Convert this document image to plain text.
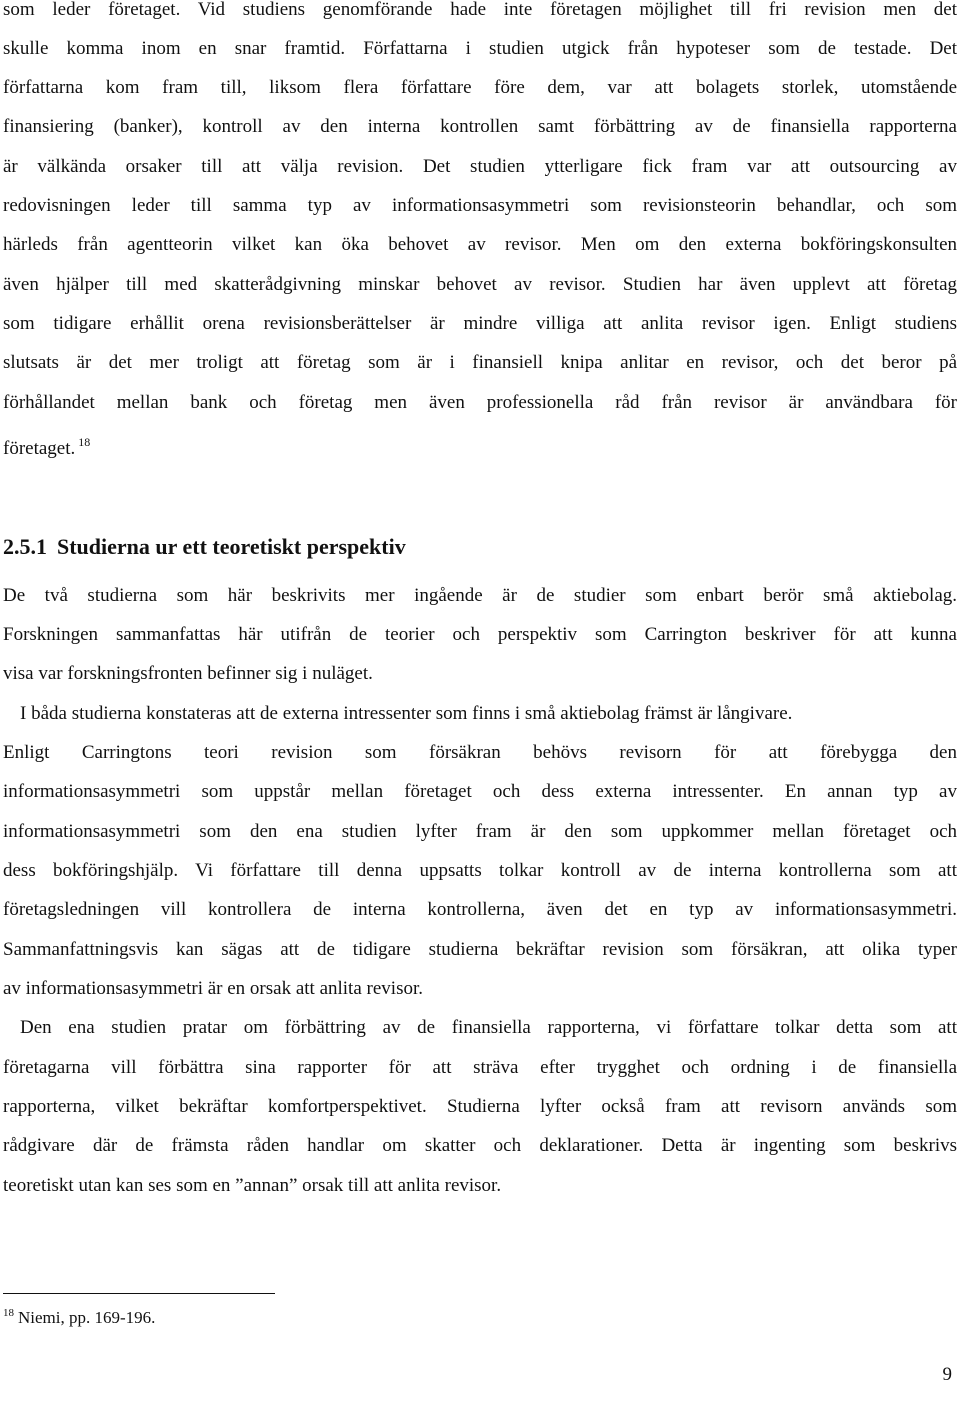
som leder företaget. Vid studiens genomförande hade inte företagen möjlighet till fri revision men det
skulle komma inom en snar framtid. Författarna i studien utgick från hypoteser som de testade. Det
författarna kom fram till, liksom flera författare före dem, var att bolagets storlek, utomstående
finansiering (banker), kontroll av den interna kontrollen samt förbättring av de finansiella rapporterna
är välkända orsaker till att välja revision. Det studien ytterligare fick fram var att outsourcing av
redovisningen leder till samma typ av informationsasymmetri som revisionsteorin behandlar, och som
härleds från agentteorin vilket kan öka behovet av revisor. Men om den externa bokföringskonsulten
även hjälper till med skatterådgivning minskar behovet av revisor. Studien har även upplevt att företag
som tidigare erhållit orena revisionsberättelser är mindre villiga att anlita revisor igen. Enligt studiens
slutsats är det mer troligt att företag som är i finansiell knipa anlitar en revisor, och det beror på
förhållandet mellan bank och företag men även professionella råd från revisor är användbara för
företaget. $^{18}$
2.5.1 Studierna ur ett teoretiskt perspektiv
De två studierna som här beskrivits mer ingående är de studier som enbart berör små aktiebolag.
Forskningen sammanfattas här utifrån de teorier och perspektiv som Carrington beskriver för att kunna
visa var forskningsfronten befinner sig i nuläget.
I båda studierna konstateras att de externa intressenter som finns i små aktiebolag främst är långivare.
Enligt Carringtons teori revision som försäkran behövs revisorn för att förebygga den
informationsasymmetri som uppstår mellan företaget och dess externa intressenter. En annan typ av
informationsasymmetri som den ena studien lyfter fram är den som uppkommer mellan företaget och
dess bokföringshjälp. Vi författare till denna uppsatts tolkar kontroll av de interna kontrollerna som att
företagsledningen vill kontrollera de interna kontrollerna, även det en typ av informationsasymmetri.
Sammanfattningsvis kan sägas att de tidigare studierna bekräftar revision som försäkran, att olika typer
av informationsasymmetri är en orsak att anlita revisor.
Den ena studien pratar om förbättring av de finansiella rapporterna, vi författare tolkar detta som att
företagarna vill förbättra sina rapporter för att sträva efter trygghet och ordning i de finansiella
rapporterna, vilket bekräftar komfortperspektivet. Studierna lyfter också fram att revisorn används som
rådgivare där de främsta råden handlar om skatter och deklarationer. Detta är ingenting som beskrivs
teoretiskt utan kan ses som en ”annan” orsak till att anlita revisor.
$^{18}$ Niemi, pp. 169-196.
9
